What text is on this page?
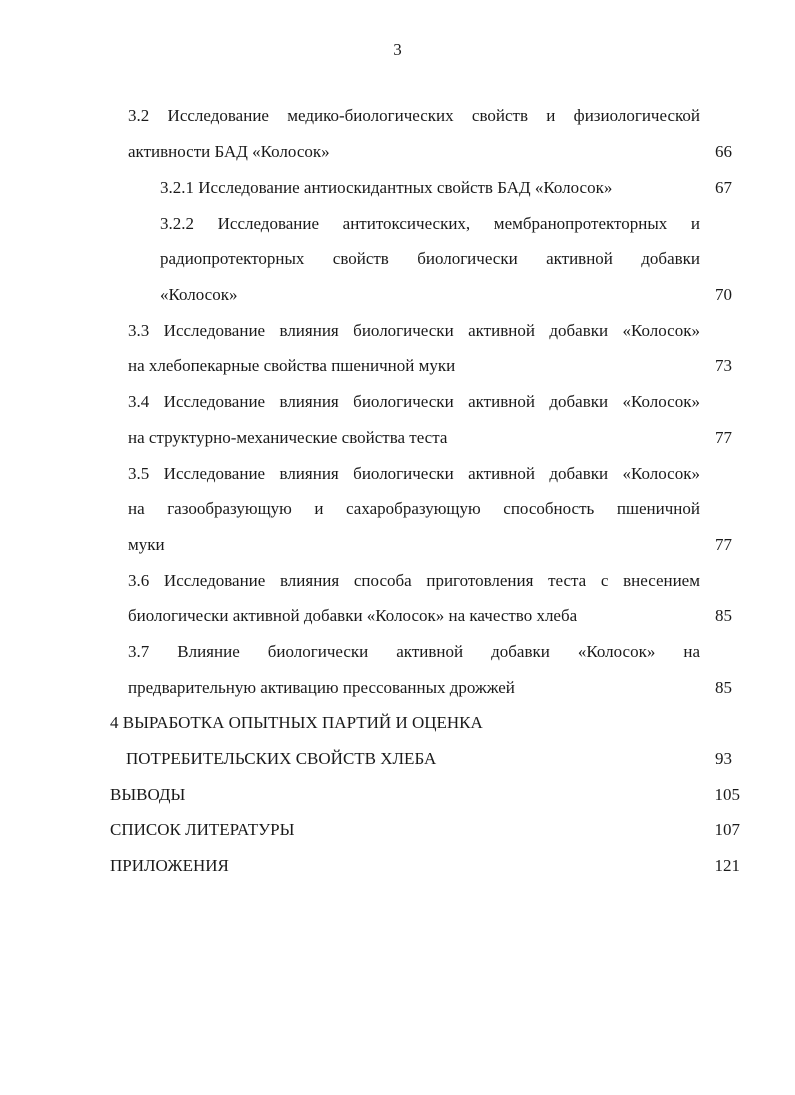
3
3.2 Исследование медико-биологических свойств и физиологической
активности БАД «Колосок»	66
3.2.1 Исследование антиоскидантных свойств БАД «Колосок»	67
3.2.2 Исследование антитоксических, мембранопротекторных и
радиопротекторных свойств биологически активной добавки
«Колосок»	70
3.3 Исследование влияния биологически активной добавки «Колосок»
на хлебопекарные свойства пшеничной муки	73
3.4 Исследование влияния биологически активной добавки «Колосок»
на структурно-механические свойства теста	77
3.5 Исследование влияния биологически активной добавки «Колосок»
на газообразующую и сахаробразующую способность пшеничной
муки	77
3.6 Исследование влияния способа приготовления теста с внесением
биологически активной добавки «Колосок» на качество хлеба	85
3.7 Влияние биологически активной добавки «Колосок» на
предварительную активацию прессованных дрожжей	85
4 ВЫРАБОТКА ОПЫТНЫХ ПАРТИЙ И ОЦЕНКА
ПОТРЕБИТЕЛЬСКИХ СВОЙСТВ ХЛЕБА	93
ВЫВОДЫ	105
СПИСОК ЛИТЕРАТУРЫ	107
ПРИЛОЖЕНИЯ	121
